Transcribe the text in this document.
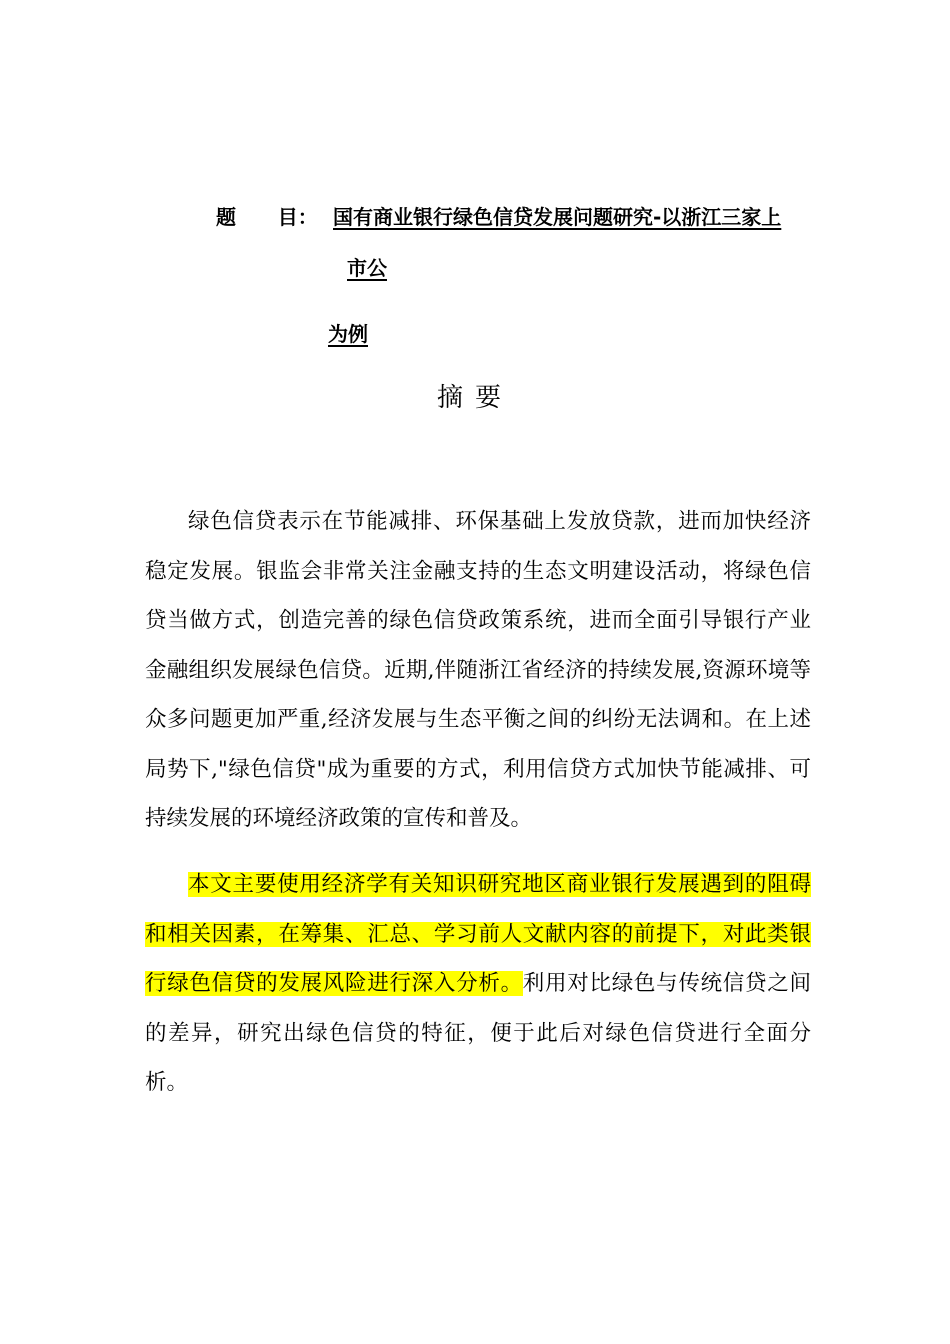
题      目： 国有商业银行绿色信贷发展问题研究-以浙江三家上
市公
为例
摘要

绿色信贷表示在节能减排、环保基础上发放贷款，进而加快经济稳定发展。银监会非常关注金融支持的生态文明建设活动，将绿色信贷当做方式，创造完善的绿色信贷政策系统，进而全面引导银行产业金融组织发展绿色信贷。近期,伴随浙江省经济的持续发展,资源环境等众多问题更加严重,经济发展与生态平衡之间的纠纷无法调和。在上述局势下,"绿色信贷"成为重要的方式，利用信贷方式加快节能减排、可持续发展的环境经济政策的宣传和普及。

本文主要使用经济学有关知识研究地区商业银行发展遇到的阻碍和相关因素，在筹集、汇总、学习前人文献内容的前提下，对此类银行绿色信贷的发展风险进行深入分析。利用对比绿色与传统信贷之间的差异，研究出绿色信贷的特征，便于此后对绿色信贷进行全面分析。
